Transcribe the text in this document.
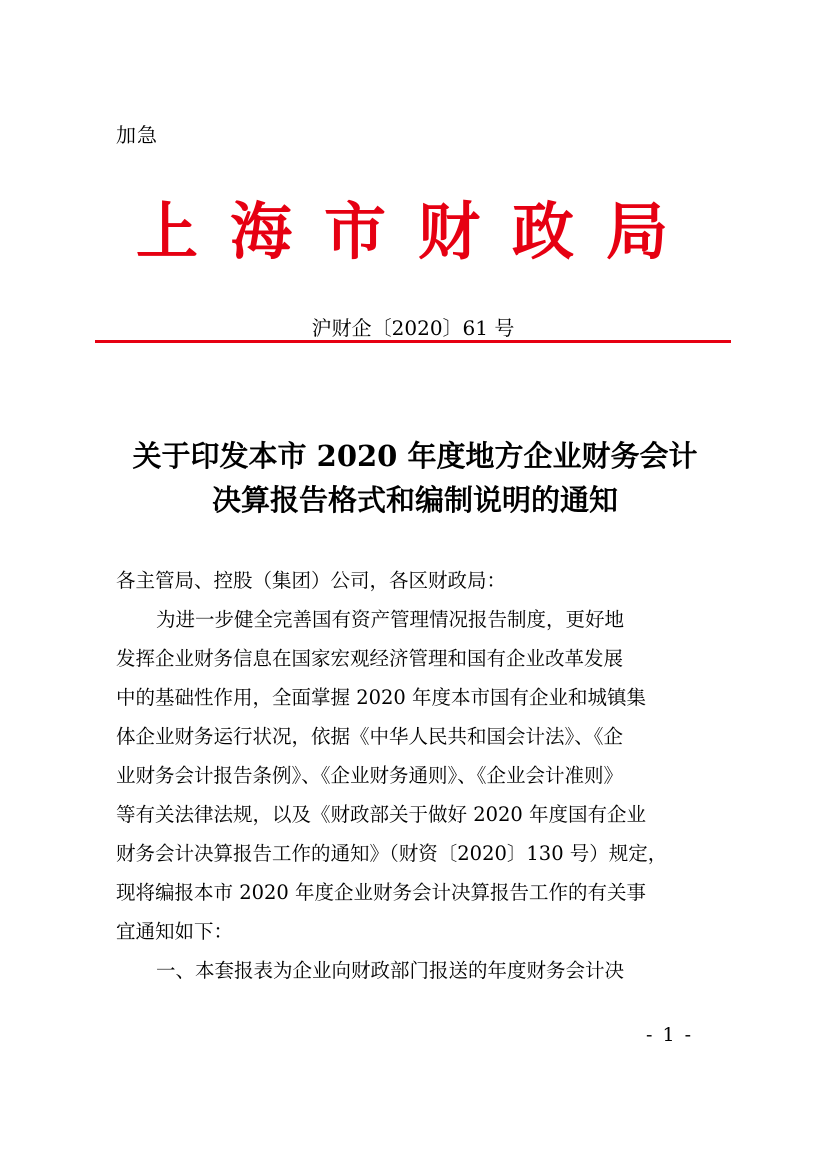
加急
上海市财政局
沪财企〔2020〕61 号
关于印发本市 2020 年度地方企业财务会计
决算报告格式和编制说明的通知

各主管局、控股（集团）公司，各区财政局：

为进一步健全完善国有资产管理情况报告制度，更好地

发挥企业财务信息在国家宏观经济管理和国有企业改革发展

中的基础性作用，全面掌握 2020 年度本市国有企业和城镇集

体企业财务运行状况，依据《中华人民共和国会计法》、《企

业财务会计报告条例》、《企业财务通则》、《企业会计准则》

等有关法律法规，以及《财政部关于做好 2020 年度国有企业

财务会计决算报告工作的通知》（财资〔2020〕130 号）规定，

现将编报本市 2020 年度企业财务会计决算报告工作的有关事

宜通知如下：

一、本套报表为企业向财政部门报送的年度财务会计决

- 1 -
